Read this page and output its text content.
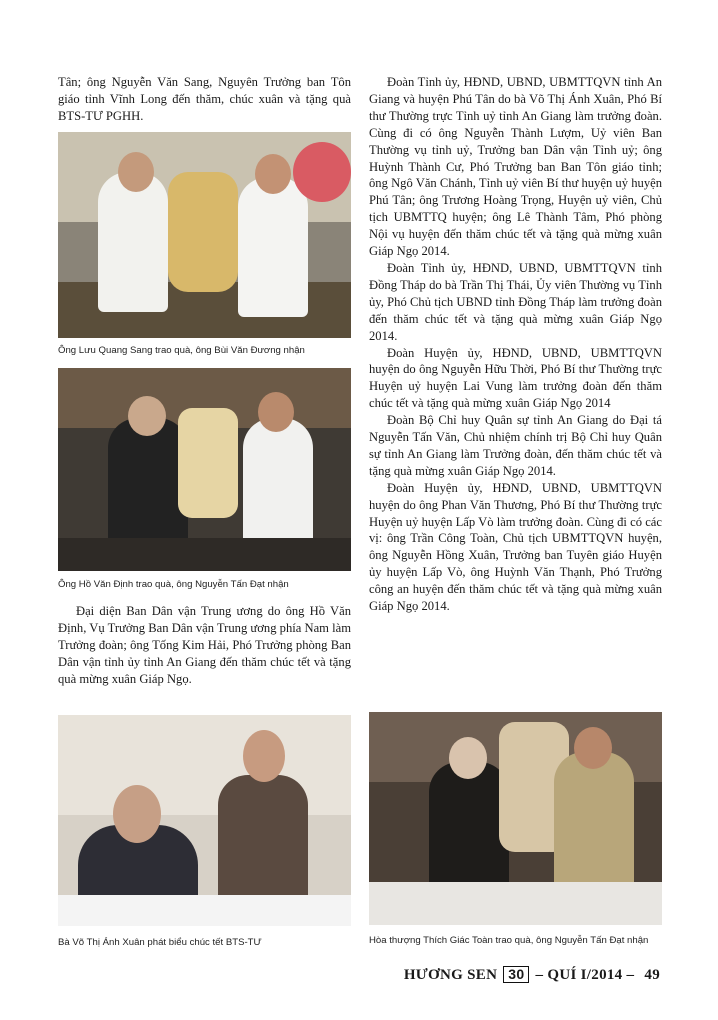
Tân; ông Nguyễn Văn Sang, Nguyên Trưởng ban Tôn giáo tỉnh Vĩnh Long đến thăm, chúc xuân và tặng quà BTS-TƯ PGHH.

Ông Lưu Quang Sang trao quà, ông Bùi Văn Đương nhận
Ông Hồ Văn Định trao quà, ông Nguyễn Tấn Đạt nhận

Đại diện Ban Dân vận Trung ương do ông Hồ Văn Định, Vụ Trưởng Ban Dân vận Trung ương phía Nam làm Trưởng đoàn; ông Tống Kim Hải, Phó Trưởng phòng Ban Dân vận tỉnh ủy tỉnh An Giang đến thăm chúc tết và tặng quà mừng xuân Giáp Ngọ.

Bà Võ Thị Ánh Xuân phát biểu chúc tết BTS-TƯ

Đoàn Tỉnh ủy, HĐND, UBND, UBMTTQVN tỉnh An Giang và huyện Phú Tân do bà Võ Thị Ánh Xuân, Phó Bí thư Thường trực Tỉnh uỷ tỉnh An Giang làm trưởng đoàn. Cùng đi có ông Nguyễn Thành Lượm, Uỷ viên Ban Thường vụ tỉnh uỷ, Trưởng ban Dân vận Tỉnh uỷ; ông Huỳnh Thành Cư, Phó Trưởng ban Ban Tôn giáo tỉnh; ông Ngô Văn Chánh, Tỉnh uỷ viên Bí thư huyện uỷ huyện Phú Tân; ông Trương Hoàng Trọng, Huyện uỷ viên, Chủ tịch UBMTTQ huyện; ông Lê Thành Tâm, Phó phòng Nội vụ huyện đến thăm chúc tết và tặng quà mừng xuân Giáp Ngọ 2014.

Đoàn Tỉnh ủy, HĐND, UBND, UBMTTQVN tỉnh Đồng Tháp do bà Trần Thị Thái, Ủy viên Thường vụ Tỉnh ủy, Phó Chủ tịch UBND tỉnh Đồng Tháp làm trưởng đoàn đến thăm chúc tết và tặng quà mừng xuân Giáp Ngọ 2014.

Đoàn Huyện ủy, HĐND, UBND, UBMTTQVN huyện do ông Nguyễn Hữu Thời, Phó Bí thư Thường trực Huyện uỷ huyện Lai Vung làm trưởng đoàn đến thăm chúc tết và tặng quà mừng xuân Giáp Ngọ 2014

Đoàn Bộ Chỉ huy Quân sự tỉnh An Giang do Đại tá Nguyễn Tấn Văn, Chủ nhiệm chính trị Bộ Chỉ huy Quân sự tỉnh An Giang làm Trưởng đoàn, đến thăm chúc tết và tặng quà mừng xuân Giáp Ngọ 2014.

Đoàn Huyện ủy, HĐND, UBND, UBMTTQVN huyện do ông Phan Văn Thương, Phó Bí thư Thường trực Huyện uỷ huyện Lấp Vò làm trưởng đoàn. Cùng đi có các vị: ông Trần Công Toàn, Chủ tịch UBMTTQVN huyện, ông Nguyễn Hồng Xuân, Trưởng ban Tuyên giáo Huyện ủy huyện Lấp Vò, ông Huỳnh Văn Thạnh, Phó Trưởng công an huyện đến thăm chúc tết và tặng quà mừng xuân Giáp Ngọ 2014.

Hòa thượng Thích Giác Toàn trao quà, ông Nguyễn Tấn Đạt nhận
HƯƠNG SEN 30 – QUÍ I/2014 – 49
